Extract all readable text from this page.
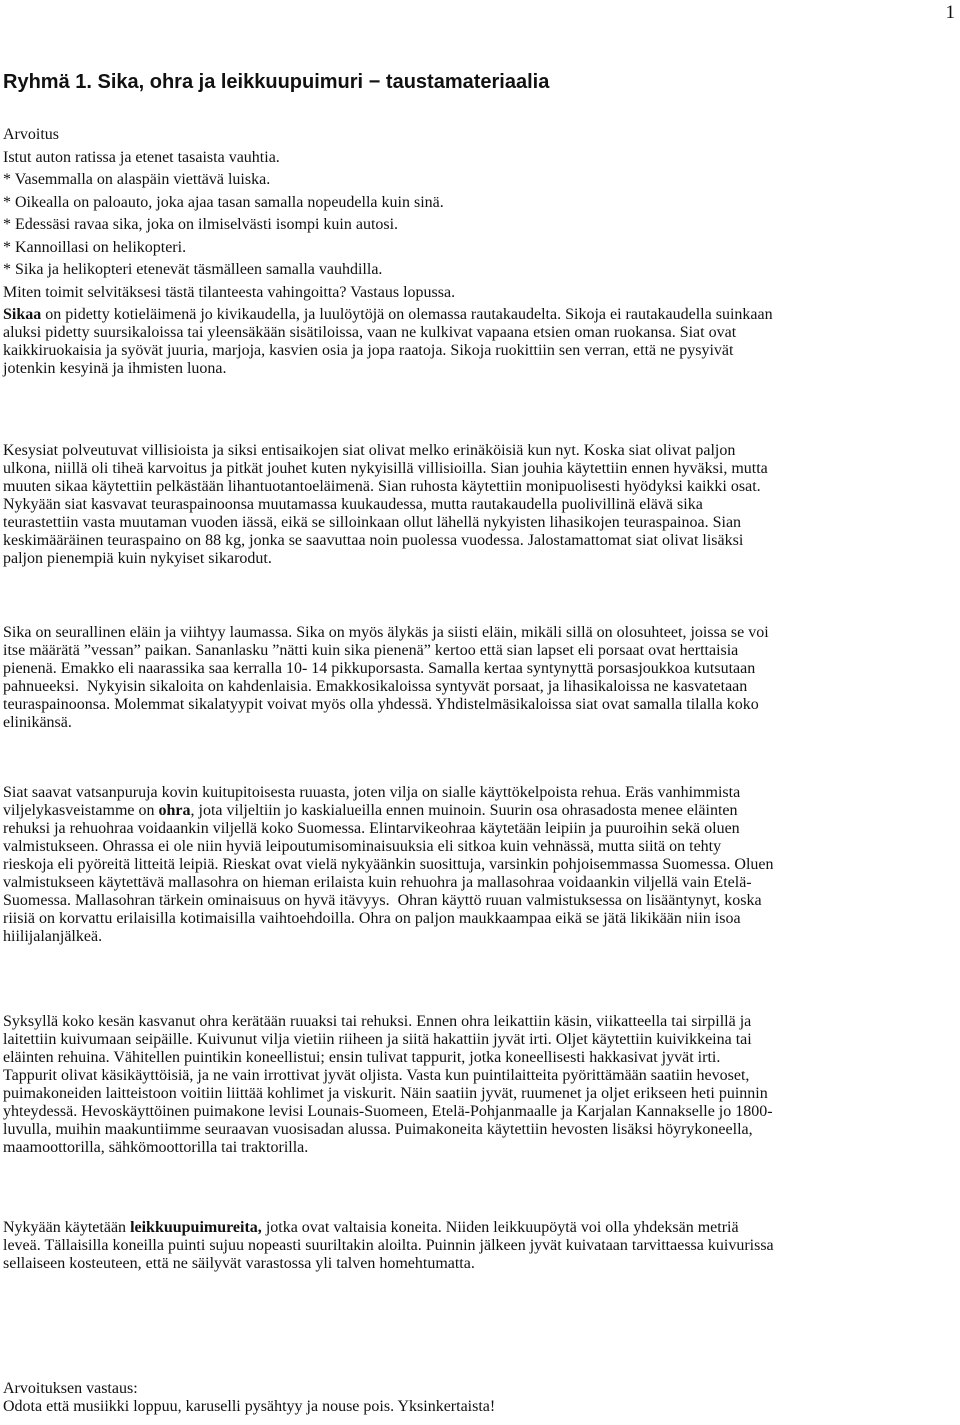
1
Ryhmä 1. Sika, ohra ja leikkuupuimuri − taustamateriaalia
Arvoitus
Istut auton ratissa ja etenet tasaista vauhtia.
* Vasemmalla on alaspäin viettävä luiska.
* Oikealla on paloauto, joka ajaa tasan samalla nopeudella kuin sinä.
* Edessäsi ravaa sika, joka on ilmiselvästi isompi kuin autosi.
* Kannoillasi on helikopteri.
* Sika ja helikopteri etenevät täsmälleen samalla vauhdilla.
Miten toimit selvitäksesi tästä tilanteesta vahingoitta? Vastaus lopussa.
Sikaa on pidetty kotieläimenä jo kivikaudella, ja luulöytöjä on olemassa rautakaudelta. Sikoja ei rautakaudella suinkaan
aluksi pidetty suursikaloissa tai yleensäkään sisätiloissa, vaan ne kulkivat vapaana etsien oman ruokansa. Siat ovat
kaikkiruokaisia ja syövät juuria, marjoja, kasvien osia ja jopa raatoja. Sikoja ruokittiin sen verran, että ne pysyivät
jotenkin kesyinä ja ihmisten luona.
Kesysiat polveutuvat villisioista ja siksi entisaikojen siat olivat melko erinäköisiä kun nyt. Koska siat olivat paljon
ulkona, niillä oli tiheä karvoitus ja pitkät jouhet kuten nykyisillä villisioilla. Sian jouhia käytettiin ennen hyväksi, mutta
muuten sikaa käytettiin pelkästään lihantuotantoeläimenä. Sian ruhosta käytettiin monipuolisesti hyödyksi kaikki osat.
Nykyään siat kasvavat teuraspainoonsa muutamassa kuukaudessa, mutta rautakaudella puolivillinä elävä sika
teurastettiin vasta muutaman vuoden iässä, eikä se silloinkaan ollut lähellä nykyisten lihasikojen teuraspainoa. Sian
keskimääräinen teuraspaino on 88 kg, jonka se saavuttaa noin puolessa vuodessa. Jalostamattomat siat olivat lisäksi
paljon pienempiä kuin nykyiset sikarodut.
Sika on seurallinen eläin ja viihtyy laumassa. Sika on myös älykäs ja siisti eläin, mikäli sillä on olosuhteet, joissa se voi
itse määrätä ”vessan” paikan. Sananlasku ”nätti kuin sika pienenä” kertoo että sian lapset eli porsaat ovat herttaisia
pienenä. Emakko eli naarassika saa kerralla 10- 14 pikkuporsasta. Samalla kertaa syntynyttä porsasjoukkoa kutsutaan
pahnueeksi.  Nykyisin sikaloita on kahdenlaisia. Emakkosikaloissa syntyvät porsaat, ja lihasikaloissa ne kasvatetaan
teuraspainoonsa. Molemmat sikalatyypit voivat myös olla yhdessä. Yhdistelmäsikaloissa siat ovat samalla tilalla koko
elinikänsä.
Siat saavat vatsanpuruja kovin kuitupitoisesta ruuasta, joten vilja on sialle käyttökelpoista rehua. Eräs vanhimmista
viljelykasveistamme on ohra, jota viljeltiin jo kaskialueilla ennen muinoin. Suurin osa ohrasadosta menee eläinten
rehuksi ja rehuohraa voidaankin viljellä koko Suomessa. Elintarvikeohraa käytetään leipiin ja puuroihin sekä oluen
valmistukseen. Ohrassa ei ole niin hyviä leipoutumisominaisuuksia eli sitkoa kuin vehnässä, mutta siitä on tehty
rieskoja eli pyöreitä litteitä leipiä. Rieskat ovat vielä nykyäänkin suosittuja, varsinkin pohjoisemmassa Suomessa. Oluen
valmistukseen käytettävä mallasohra on hieman erilaista kuin rehuohra ja mallasohraa voidaankin viljellä vain Etelä-
Suomessa. Mallasohran tärkein ominaisuus on hyvä itävyys.  Ohran käyttö ruuan valmistuksessa on lisääntynyt, koska
riisiä on korvattu erilaisilla kotimaisilla vaihtoehdoilla. Ohra on paljon maukkaampaa eikä se jätä likikään niin isoa
hiilijalanjälkeä.
Syksyllä koko kesän kasvanut ohra kerätään ruuaksi tai rehuksi. Ennen ohra leikattiin käsin, viikatteella tai sirpillä ja
laitettiin kuivumaan seipäille. Kuivunut vilja vietiin riiheen ja siitä hakattiin jyvät irti. Oljet käytettiin kuivikkeina tai
eläinten rehuina. Vähitellen puintikin koneellistui; ensin tulivat tappurit, jotka koneellisesti hakkasivat jyvät irti.
Tappurit olivat käsikäyttöisiä, ja ne vain irrottivat jyvät oljista. Vasta kun puintilaitteita pyörittämään saatiin hevoset,
puimakoneiden laitteistoon voitiin liittää kohlimet ja viskurit. Näin saatiin jyvät, ruumenet ja oljet erikseen heti puinnin
yhteydessä. Hevoskäyttöinen puimakone levisi Lounais-Suomeen, Etelä-Pohjanmaalle ja Karjalan Kannakselle jo 1800-
luvulla, muihin maakuntiimme seuraavan vuosisadan alussa. Puimakoneita käytettiin hevosten lisäksi höyrykoneella,
maamoottorilla, sähkömoottorilla tai traktorilla.
Nykyään käytetään leikkuupuimureita, jotka ovat valtaisia koneita. Niiden leikkuupöytä voi olla yhdeksän metriä
leveä. Tällaisilla koneilla puinti sujuu nopeasti suuriltakin aloilta. Puinnin jälkeen jyvät kuivataan tarvittaessa kuivurissa
sellaiseen kosteuteen, että ne säilyvät varastossa yli talven homehtumatta.
Arvoituksen vastaus:
Odota että musiikki loppuu, karuselli pysähtyy ja nouse pois. Yksinkertaista!
